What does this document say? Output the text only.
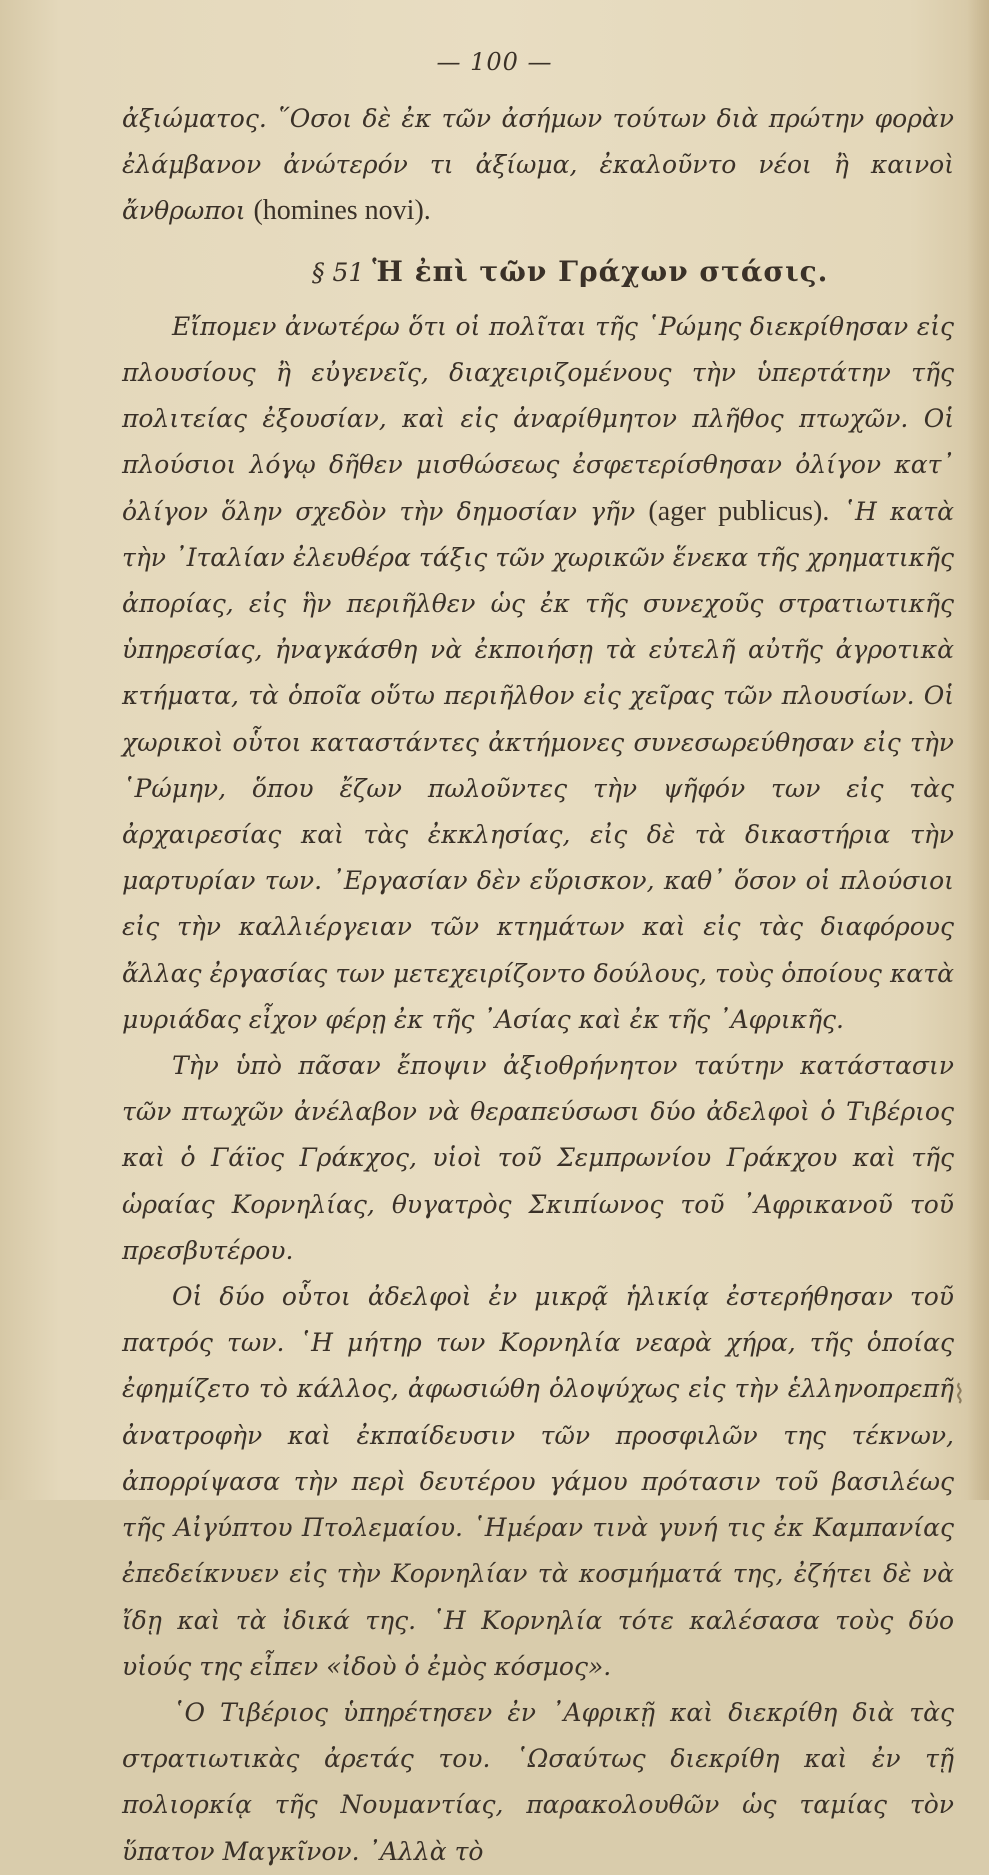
— 100 —

ἀξιώματος. ῞Οσοι δὲ ἐκ τῶν ἀσήμων τούτων διὰ πρώτην φορὰν ἐλάμβανον ἀνώτερόν τι ἀξίωμα, ἐκαλοῦντο νέοι ἢ καινοὶ ἄνθρωποι (homines novi).

§ 51 Ἡ ἐπὶ τῶν Γράχων στάσις.

Εἴπομεν ἀνωτέρω ὅτι οἱ πολῖται τῆς ῾Ρώμης διεκρίθησαν εἰς πλουσίους ἢ εὐγενεῖς, διαχειριζομένους τὴν ὑπερτάτην τῆς πολιτείας ἐξουσίαν, καὶ εἰς ἀναρίθμητον πλῆθος πτωχῶν. Οἱ πλούσιοι λόγῳ δῆθεν μισθώσεως ἐσφετερίσθησαν ὀλίγον κατ᾿ ὀλίγον ὅλην σχεδὸν τὴν δημοσίαν γῆν (ager publicus). ῾Η κατὰ τὴν ᾿Ιταλίαν ἐλευθέρα τάξις τῶν χωρικῶν ἕνεκα τῆς χρηματικῆς ἀπορίας, εἰς ἣν περιῆλθεν ὡς ἐκ τῆς συνεχοῦς στρατιωτικῆς ὑπηρεσίας, ἠναγκάσθη νὰ ἐκποιήσῃ τὰ εὐτελῆ αὐτῆς ἀγροτικὰ κτήματα, τὰ ὁποῖα οὕτω περιῆλθον εἰς χεῖρας τῶν πλουσίων. Οἱ χωρικοὶ οὗτοι καταστάντες ἀκτήμονες συνεσωρεύθησαν εἰς τὴν ῾Ρώμην, ὅπου ἔζων πωλοῦντες τὴν ψῆφόν των εἰς τὰς ἀρχαιρεσίας καὶ τὰς ἐκκλησίας, εἰς δὲ τὰ δικαστήρια τὴν μαρτυρίαν των. ᾿Εργασίαν δὲν εὕρισκον, καθ᾿ ὅσον οἱ πλούσιοι εἰς τὴν καλλιέργειαν τῶν κτημάτων καὶ εἰς τὰς διαφόρους ἄλλας ἐργασίας των μετεχειρίζοντο δούλους, τοὺς ὁποίους κατὰ μυριάδας εἶχον φέρῃ ἐκ τῆς ᾿Ασίας καὶ ἐκ τῆς ᾿Αφρικῆς.

Τὴν ὑπὸ πᾶσαν ἔποψιν ἀξιοθρήνητον ταύτην κατάστασιν τῶν πτωχῶν ἀνέλαβον νὰ θεραπεύσωσι δύο ἀδελφοὶ ὁ Τιβέριος καὶ ὁ Γάϊος Γράκχος, υἱοὶ τοῦ Σεμπρωνίου Γράκχου καὶ τῆς ὡραίας Κορνηλίας, θυγατρὸς Σκιπίωνος τοῦ ᾿Αφρικανοῦ τοῦ πρεσβυτέρου.

Οἱ δύο οὗτοι ἀδελφοὶ ἐν μικρᾷ ἡλικίᾳ ἐστερήθησαν τοῦ πατρός των. ῾Η μήτηρ των Κορνηλία νεαρὰ χήρα, τῆς ὁποίας ἐφημίζετο τὸ κάλλος, ἀφωσιώθη ὁλοψύχως εἰς τὴν ἑλληνοπρεπῆ ἀνατροφὴν καὶ ἐκπαίδευσιν τῶν προσφιλῶν της τέκνων, ἀπορρίψασα τὴν περὶ δευτέρου γάμου πρότασιν τοῦ βασιλέως τῆς Αἰγύπτου Πτολεμαίου. ῾Ημέραν τινὰ γυνή τις ἐκ Καμπανίας ἐπεδείκνυεν εἰς τὴν Κορνηλίαν τὰ κοσμήματά της, ἐζήτει δὲ νὰ ἴδῃ καὶ τὰ ἰδικά της. ῾Η Κορνηλία τότε καλέσασα τοὺς δύο υἱούς της εἶπεν «ἰδοὺ ὁ ἐμὸς κόσμος».

῾Ο Τιβέριος ὑπηρέτησεν ἐν ᾿Αφρικῇ καὶ διεκρίθη διὰ τὰς στρατιωτικὰς ἀρετάς του. ῾Ωσαύτως διεκρίθη καὶ ἐν τῇ πολιορκίᾳ τῆς Νουμαντίας, παρακολουθῶν ὡς ταμίας τὸν ὕπατον Μαγκῖνον. ᾿Αλλὰ τὸ

⌇
